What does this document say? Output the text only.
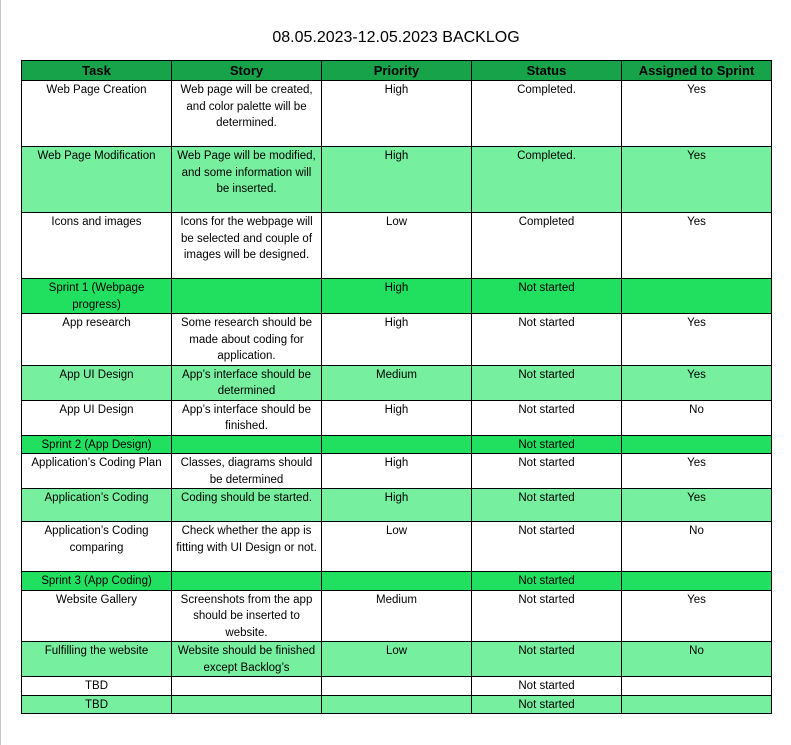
08.05.2023-12.05.2023 BACKLOG
Task	Story	Priority	Status	Assigned to Sprint
Web Page Creation	Web page will be created, and color palette will be determined.	High	Completed.	Yes
Web Page Modification	Web Page will be modified, and some information will be inserted.	High	Completed.	Yes
Icons and images	Icons for the webpage will be selected and couple of images will be designed.	Low	Completed	Yes
Sprint 1 (Webpage progress)		High	Not started	
App research	Some research should be made about coding for application.	High	Not started	Yes
App UI Design	App’s interface should be determined	Medium	Not started	Yes
App UI Design	App’s interface should be finished.	High	Not started	No
Sprint 2 (App Design)			Not started	
Application’s Coding Plan	Classes, diagrams should be determined	High	Not started	Yes
Application’s Coding	Coding should be started.	High	Not started	Yes
Application’s Coding comparing	Check whether the app is fitting with UI Design or not.	Low	Not started	No
Sprint 3 (App Coding)			Not started	
Website Gallery	Screenshots from the app should be inserted to website.	Medium	Not started	Yes
Fulfilling the website	Website should be finished except Backlog’s	Low	Not started	No
TBD			Not started	
TBD			Not started	
